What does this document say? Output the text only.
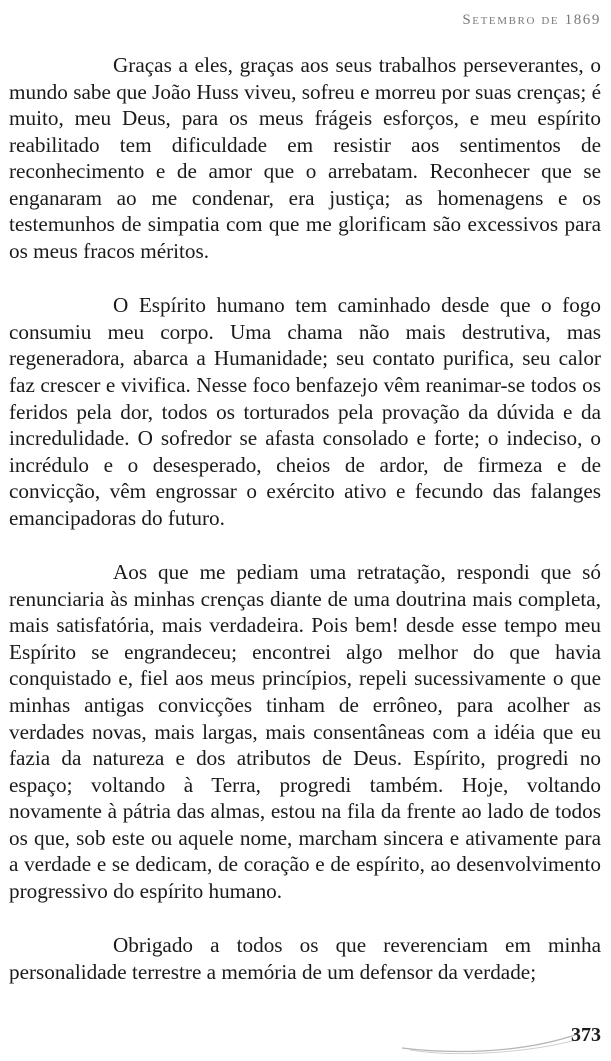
Setembro de 1869

Graças a eles, graças aos seus trabalhos perseverantes, o mundo sabe que João Huss viveu, sofreu e morreu por suas crenças; é muito, meu Deus, para os meus frágeis esforços, e meu espírito reabilitado tem dificuldade em resistir aos sentimentos de reconhecimento e de amor que o arrebatam. Reconhecer que se enganaram ao me condenar, era justiça; as homenagens e os testemunhos de simpatia com que me glorificam são excessivos para os meus fracos méritos.

O Espírito humano tem caminhado desde que o fogo consumiu meu corpo. Uma chama não mais destrutiva, mas regeneradora, abarca a Humanidade; seu contato purifica, seu calor faz crescer e vivifica. Nesse foco benfazejo vêm reanimar-se todos os feridos pela dor, todos os torturados pela provação da dúvida e da incredulidade. O sofredor se afasta consolado e forte; o indeciso, o incrédulo e o desesperado, cheios de ardor, de firmeza e de convicção, vêm engrossar o exército ativo e fecundo das falanges emancipadoras do futuro.

Aos que me pediam uma retratação, respondi que só renunciaria às minhas crenças diante de uma doutrina mais completa, mais satisfatória, mais verdadeira. Pois bem! desde esse tempo meu Espírito se engrandeceu; encontrei algo melhor do que havia conquistado e, fiel aos meus princípios, repeli sucessivamente o que minhas antigas convicções tinham de errôneo, para acolher as verdades novas, mais largas, mais consentâneas com a idéia que eu fazia da natureza e dos atributos de Deus. Espírito, progredi no espaço; voltando à Terra, progredi também. Hoje, voltando novamente à pátria das almas, estou na fila da frente ao lado de todos os que, sob este ou aquele nome, marcham sincera e ativamente para a verdade e se dedicam, de coração e de espírito, ao desenvolvimento progressivo do espírito humano.

Obrigado a todos os que reverenciam em minha personalidade terrestre a memória de um defensor da verdade;

373
